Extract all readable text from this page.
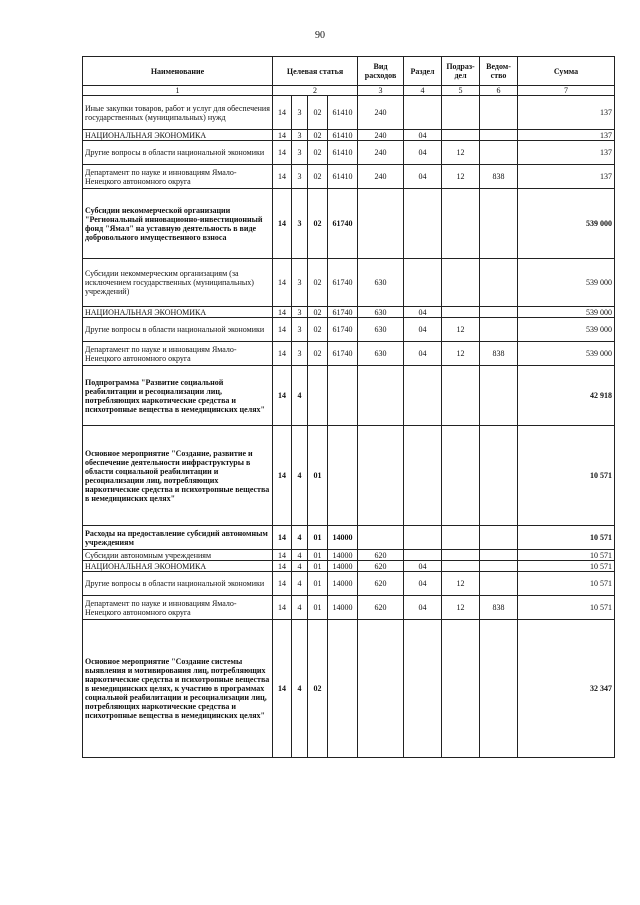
90
Наименование	Целевая статья				Вид расходов	Раздел	Подраз-дел	Ведом-ство	Сумма
1	2				3	4	5	6	7
Иные закупки товаров, работ и услуг для обеспечения государственных (муниципальных) нужд	14	3	02	61410	240				137
НАЦИОНАЛЬНАЯ ЭКОНОМИКА	14	3	02	61410	240	04			137
Другие вопросы в области национальной экономики	14	3	02	61410	240	04	12		137
Департамент по науке и инновациям Ямало-Ненецкого автономного округа	14	3	02	61410	240	04	12	838	137
Субсидии некоммерческой организации "Региональный инновационно-инвестиционный фонд "Ямал" на уставную деятельность в виде добровольного имущественного взноса	14	3	02	61740					539 000
Субсидии некоммерческим организациям (за исключением государственных (муниципальных) учреждений)	14	3	02	61740	630				539 000
НАЦИОНАЛЬНАЯ ЭКОНОМИКА	14	3	02	61740	630	04			539 000
Другие вопросы в области национальной экономики	14	3	02	61740	630	04	12		539 000
Департамент по науке и инновациям Ямало-Ненецкого автономного округа	14	3	02	61740	630	04	12	838	539 000
Подпрограмма "Развитие социальной реабилитации и ресоциализации лиц, потребляющих наркотические средства и психотропные вещества в немедицинских целях"	14	4							42 918
Основное мероприятие "Создание, развитие и обеспечение деятельности инфраструктуры в области социальной реабилитации и ресоциализации лиц, потребляющих наркотические средства и психотропные вещества в немедицинских целях"	14	4	01						10 571
Расходы на предоставление субсидий автономным учреждениям	14	4	01	14000					10 571
Субсидии автономным учреждениям	14	4	01	14000	620				10 571
НАЦИОНАЛЬНАЯ ЭКОНОМИКА	14	4	01	14000	620	04			10 571
Другие вопросы в области национальной экономики	14	4	01	14000	620	04	12		10 571
Департамент по науке и инновациям Ямало-Ненецкого автономного округа	14	4	01	14000	620	04	12	838	10 571
Основное мероприятие "Создание системы выявления и мотивирования лиц, потребляющих наркотические средства и психотропные вещества в немедицинских целях, к участию в программах социальной реабилитации и ресоциализации лиц, потребляющих наркотические средства и психотропные вещества в немедицинских целях"	14	4	02						32 347
